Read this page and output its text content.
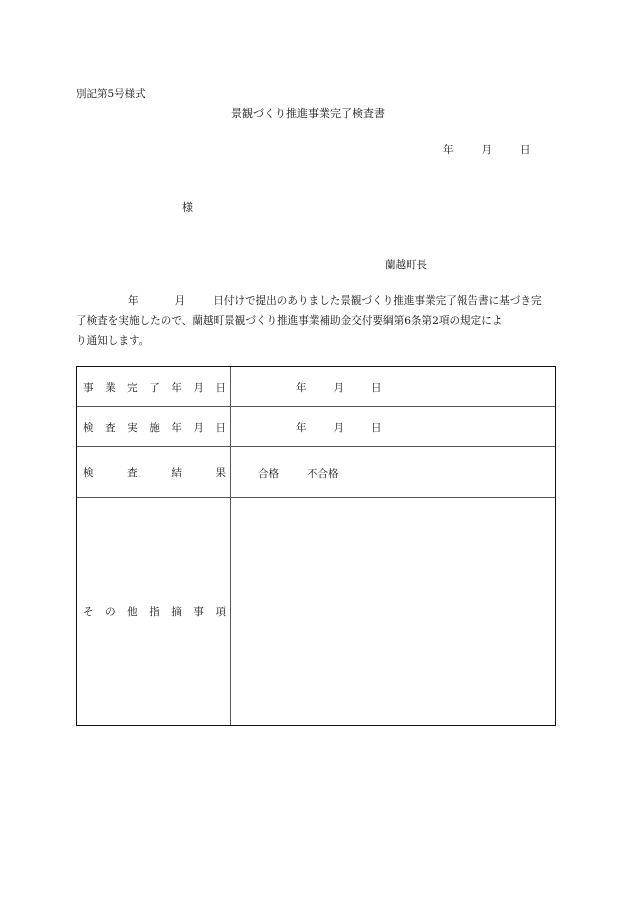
別記第5号様式
景観づくり推進事業完了検査書
年	月	日
様
蘭越町長
年	月	日付けで提出のありました景観づくり推進事業完了報告書に基づき完
了検査を実施したので、蘭越町景観づくり推進事業補助金交付要綱第6条第2項の規定によ
り通知します。
事 業 完 了 年 月 日	年	月	日
検 査 実 施 年 月 日	年	月	日
検	査	結	果	合格	不合格
そ の 他 指 摘 事 項
